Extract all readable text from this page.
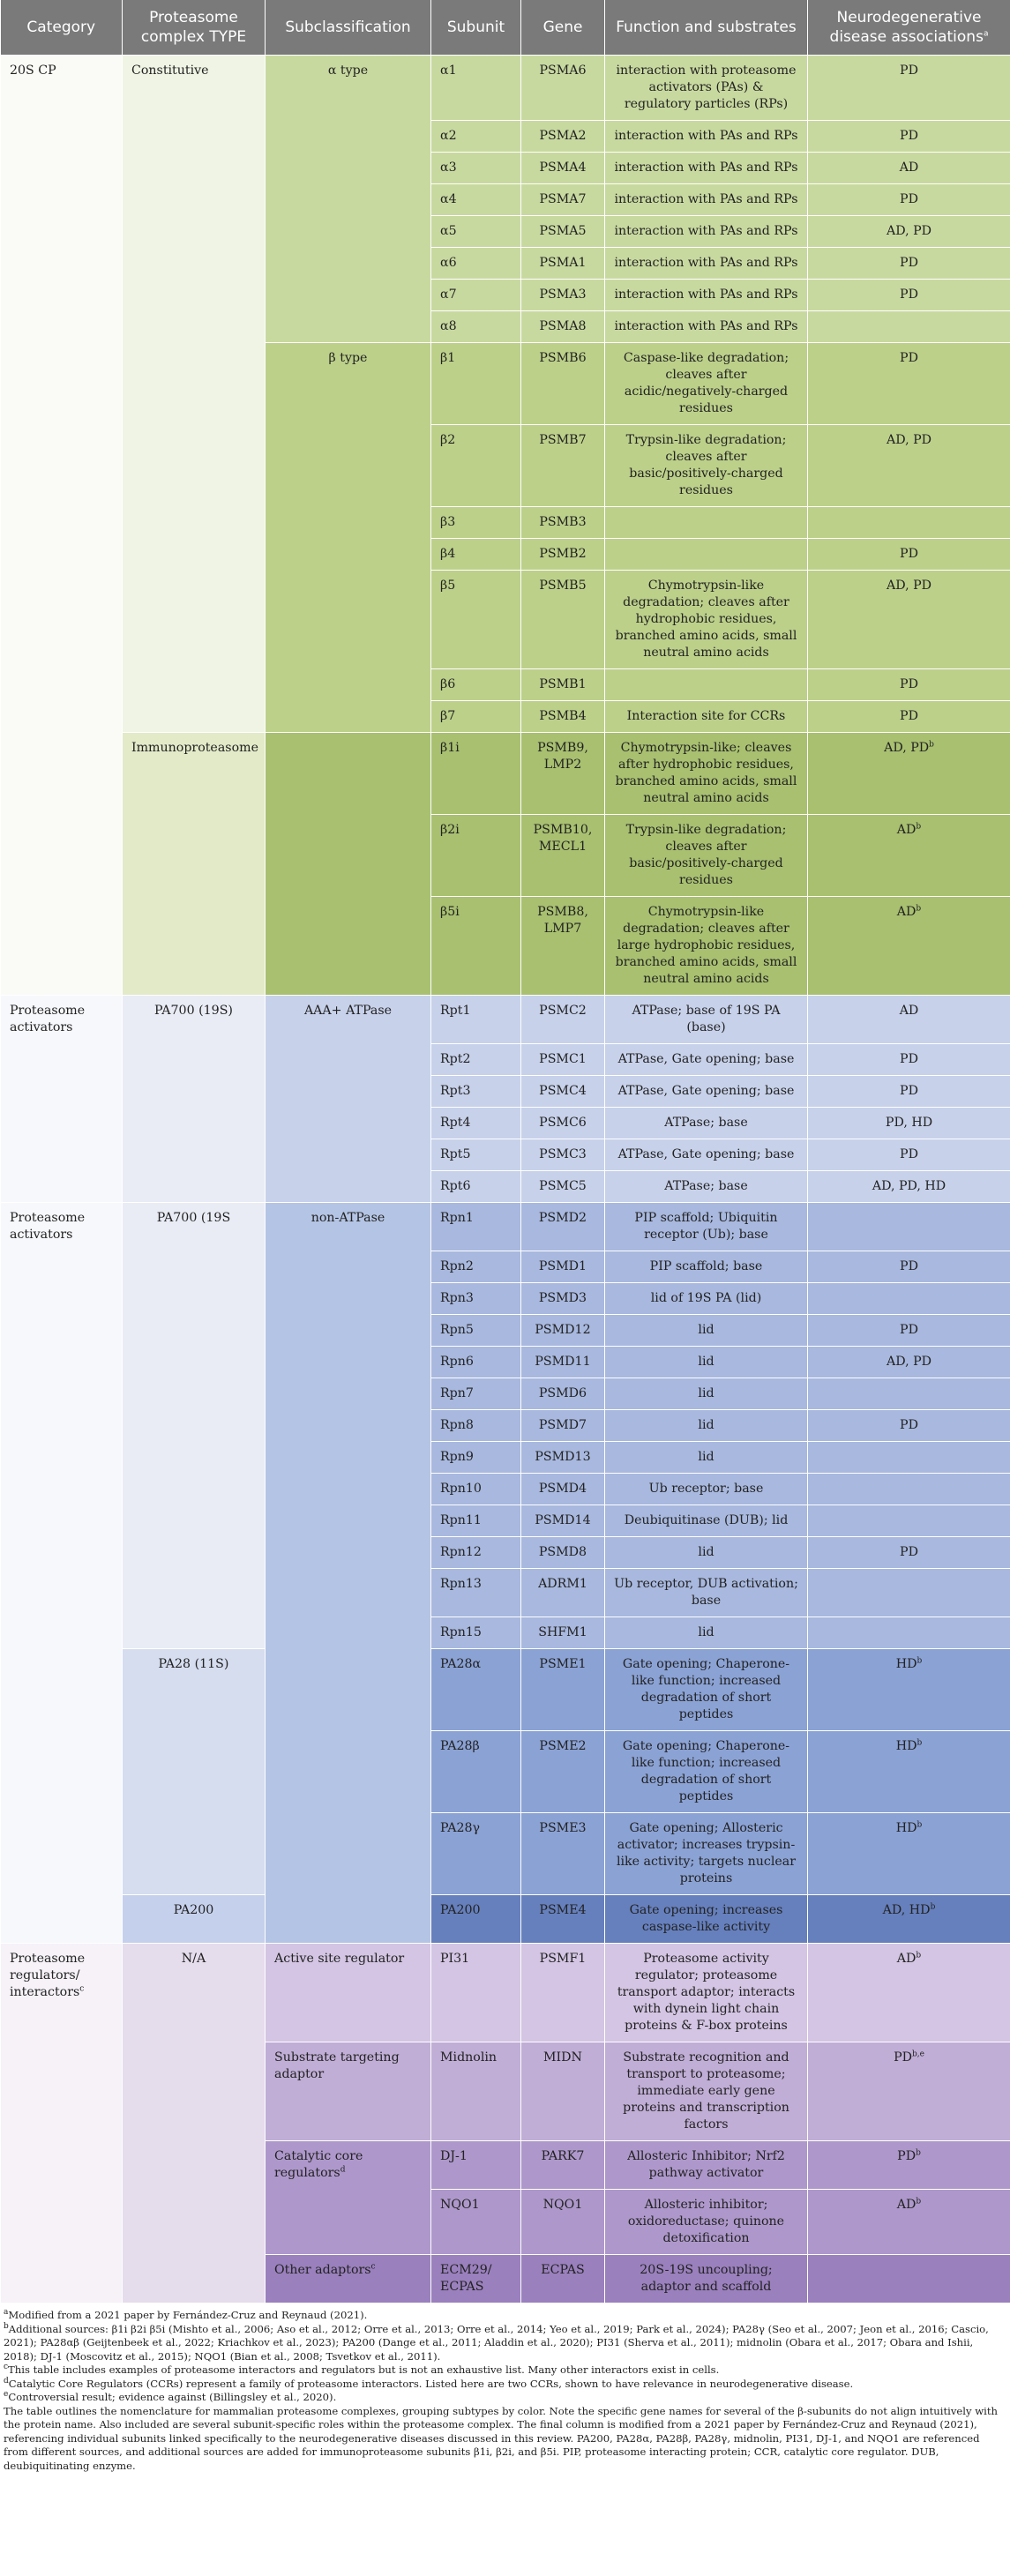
Category	Proteasome complex TYPE	Subclassification	Subunit	Gene	Function and substrates	Neurodegenerative disease associations$^a$
20S CP	Constitutive	α type	α1	PSMA6	interaction with proteasome activators (PAs) & regulatory particles (RPs)	PD
			α2	PSMA2	interaction with PAs and RPs	PD
			α3	PSMA4	interaction with PAs and RPs	AD
			α4	PSMA7	interaction with PAs and RPs	PD
			α5	PSMA5	interaction with PAs and RPs	AD, PD
			α6	PSMA1	interaction with PAs and RPs	PD
			α7	PSMA3	interaction with PAs and RPs	PD
			α8	PSMA8	interaction with PAs and RPs	
		β type	β1	PSMB6	Caspase-like degradation; cleaves after acidic/negatively-charged residues	PD
			β2	PSMB7	Trypsin-like degradation; cleaves after basic/positively-charged residues	AD, PD
			β3	PSMB3		
			β4	PSMB2		PD
			β5	PSMB5	Chymotrypsin-like degradation; cleaves after hydrophobic residues, branched amino acids, small neutral amino acids	AD, PD
			β6	PSMB1		PD
			β7	PSMB4	Interaction site for CCRs	PD
	Immunoproteasome		β1i	PSMB9, LMP2	Chymotrypsin-like; cleaves after hydrophobic residues, branched amino acids, small neutral amino acids	AD, $PD^b$
			β2i	PSMB10, MECL1	Trypsin-like degradation; cleaves after basic/positively-charged residues	$AD^b$
			β5i	PSMB8, LMP7	Chymotrypsin-like degradation; cleaves after large hydrophobic residues, branched amino acids, small neutral amino acids	$AD^b$
Proteasome activators	PA700 (19S)	AAA+ ATPase	Rpt1	PSMC2	ATPase; base of 19S PA (base)	AD
			Rpt2	PSMC1	ATPase, Gate opening; base	PD
			Rpt3	PSMC4	ATPase, Gate opening; base	PD
			Rpt4	PSMC6	ATPase; base	PD, HD
			Rpt5	PSMC3	ATPase, Gate opening; base	PD
			Rpt6	PSMC5	ATPase; base	AD, PD, HD
Proteasome activators	PA700 (19S	non-ATPase	Rpn1	PSMD2	PIP scaffold; Ubiquitin receptor (Ub); base	
			Rpn2	PSMD1	PIP scaffold; base	PD
			Rpn3	PSMD3	lid of 19S PA (lid)	
			Rpn5	PSMD12	lid	PD
			Rpn6	PSMD11	lid	AD, PD
			Rpn7	PSMD6	lid	
			Rpn8	PSMD7	lid	PD
			Rpn9	PSMD13	lid	
			Rpn10	PSMD4	Ub receptor; base	
			Rpn11	PSMD14	Deubiquitinase (DUB); lid	
			Rpn12	PSMD8	lid	PD
			Rpn13	ADRM1	Ub receptor, DUB activation; base	
			Rpn15	SHFM1	lid	
	PA28 (11S)		PA28α	PSME1	Gate opening; Chaperone-like function; increased degradation of short peptides	$HD^b$
			PA28β	PSME2	Gate opening; Chaperone-like function; increased degradation of short peptides	$HD^b$
			PA28γ	PSME3	Gate opening; Allosteric activator; increases trypsin-like activity; targets nuclear proteins	$HD^b$
	PA200		PA200	PSME4	Gate opening; increases caspase-like activity	AD, $HD^b$
Proteasome regulators/ interactors$^c$	N/A	Active site regulator	PI31	PSMF1	Proteasome activity regulator; proteasome transport adaptor; interacts with dynein light chain proteins & F-box proteins	$AD^b$
		Substrate targeting adaptor	Midnolin	MIDN	Substrate recognition and transport to proteasome; immediate early gene proteins and transcription factors	PD$^{b,e}$
		Catalytic core regulators$^d$	DJ-1	PARK7	Allosteric Inhibitor; Nrf2 pathway activator	$PD^b$
			NQO1	NQO1	Allosteric inhibitor; oxidoreductase; quinone detoxification	$AD^b$
		Other adaptors$^c$	ECM29/ ECPAS	ECPAS	20S-19S uncoupling; adaptor and scaffold	

$^a$Modified from a 2021 paper by Fernández-Cruz and Reynaud (2021).

$^b$Additional sources: β1i β2i β5i (Mishto et al., 2006; Aso et al., 2012; Orre et al., 2013; Orre et al., 2014; Yeo et al., 2019; Park et al., 2024); PA28γ (Seo et al., 2007; Jeon et al., 2016; Cascio, 2021); PA28αβ (Geijtenbeek et al., 2022; Kriachkov et al., 2023); PA200 (Dange et al., 2011; Aladdin et al., 2020); PI31 (Sherva et al., 2011); midnolin (Obara et al., 2017; Obara and Ishii, 2018); DJ-1 (Moscovitz et al., 2015); NQO1 (Bian et al., 2008; Tsvetkov et al., 2011).

$^c$This table includes examples of proteasome interactors and regulators but is not an exhaustive list. Many other interactors exist in cells.

$^d$Catalytic Core Regulators (CCRs) represent a family of proteasome interactors. Listed here are two CCRs, shown to have relevance in neurodegenerative disease.

$^e$Controversial result; evidence against (Billingsley et al., 2020).

The table outlines the nomenclature for mammalian proteasome complexes, grouping subtypes by color. Note the specific gene names for several of the β-subunits do not align intuitively with the protein name. Also included are several subunit-specific roles within the proteasome complex. The final column is modified from a 2021 paper by Fernández-Cruz and Reynaud (2021), referencing individual subunits linked specifically to the neurodegenerative diseases discussed in this review. PA200, PA28α, PA28β, PA28γ, midnolin, PI31, DJ-1, and NQO1 are referenced from different sources, and additional sources are added for immunoproteasome subunits β1i, β2i, and β5i. PIP, proteasome interacting protein; CCR, catalytic core regulator. DUB, deubiquitinating enzyme.
